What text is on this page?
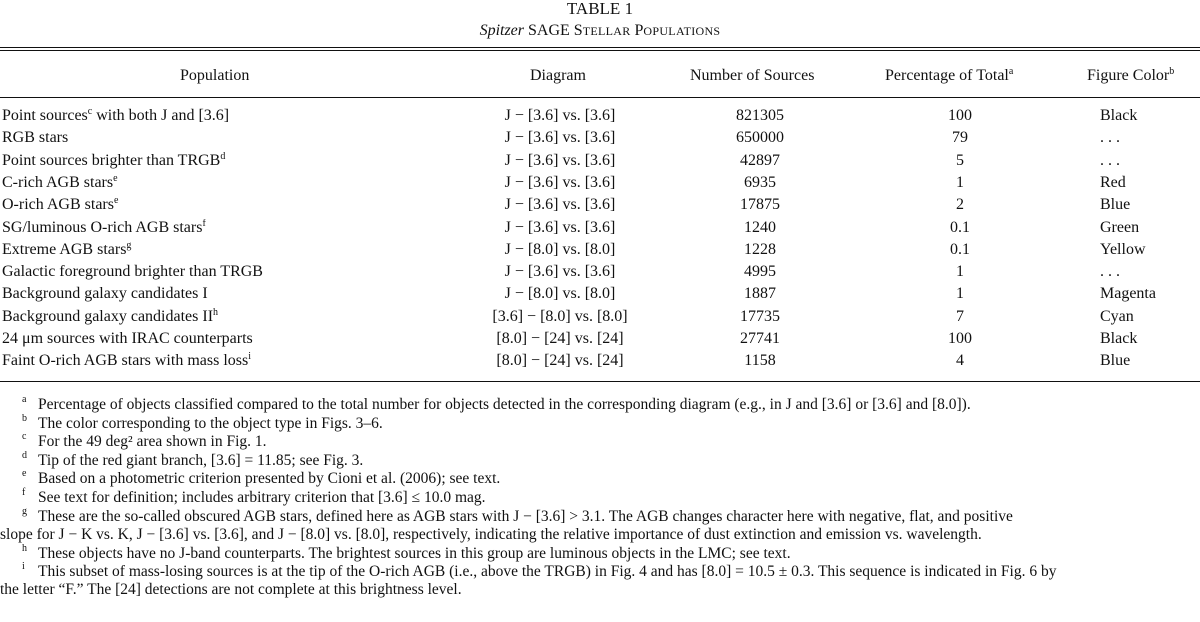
TABLE 1
Spitzer SAGE STELLAR POPULATIONS
Population	Diagram	Number of Sources	Percentage of Total$^a$	Figure Color$^b$
Point sources$^c$ with both J and [3.6]	J − [3.6] vs. [3.6]	821305	100	Black
RGB stars	J − [3.6] vs. [3.6]	650000	79	. . .
Point sources brighter than TRGB$^d$	J − [3.6] vs. [3.6]	42897	5	. . .
C-rich AGB stars$^e$	J − [3.6] vs. [3.6]	6935	1	Red
O-rich AGB stars$^e$	J − [3.6] vs. [3.6]	17875	2	Blue
SG/luminous O-rich AGB stars$^f$	J − [3.6] vs. [3.6]	1240	0.1	Green
Extreme AGB stars$^g$	J − [8.0] vs. [8.0]	1228	0.1	Yellow
Galactic foreground brighter than TRGB	J − [3.6] vs. [3.6]	4995	1	. . .
Background galaxy candidates I	J − [8.0] vs. [8.0]	1887	1	Magenta
Background galaxy candidates $II^h$	[3.6] − [8.0] vs. [8.0]	17735	7	Cyan
24 μm sources with IRAC counterparts	[8.0] − [24] vs. [24]	27741	100	Black
Faint O-rich AGB stars with mass loss$^i$	[8.0] − [24] vs. [24]	1158	4	Blue
a Percentage of objects classified compared to the total number for objects detected in the corresponding diagram (e.g., in J and [3.6] or [3.6] and [8.0]).
b The color corresponding to the object type in Figs. 3–6.
c For the 49 deg² area shown in Fig. 1.
d Tip of the red giant branch, [3.6] = 11.85; see Fig. 3.
e Based on a photometric criterion presented by Cioni et al. (2006); see text.
f See text for definition; includes arbitrary criterion that [3.6] ≤ 10.0 mag.
g These are the so-called obscured AGB stars, defined here as AGB stars with J − [3.6] > 3.1. The AGB changes character here with negative, flat, and positive
slope for J − K vs. K, J − [3.6] vs. [3.6], and J − [8.0] vs. [8.0], respectively, indicating the relative importance of dust extinction and emission vs. wavelength.
h These objects have no J-band counterparts. The brightest sources in this group are luminous objects in the LMC; see text.
i This subset of mass-losing sources is at the tip of the O-rich AGB (i.e., above the TRGB) in Fig. 4 and has [8.0] = 10.5 ± 0.3. This sequence is indicated in Fig. 6 by
the letter “F.” The [24] detections are not complete at this brightness level.
